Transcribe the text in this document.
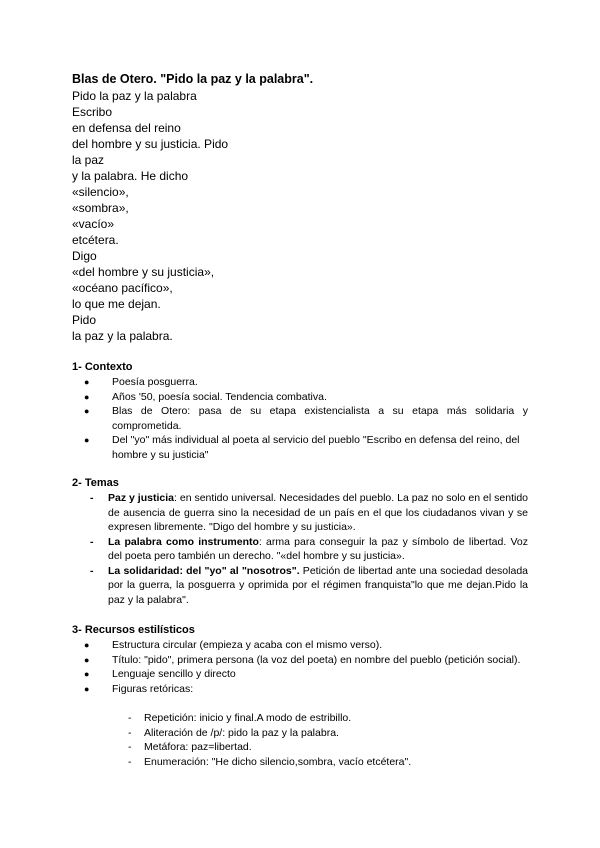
Blas de Otero. "Pido la paz y la palabra".
Pido la paz y la palabra
Escribo
en defensa del reino
del hombre y su justicia. Pido
la paz
y la palabra. He dicho
«silencio»,
«sombra»,
«vacío»
etcétera.
Digo
«del hombre y su justicia»,
«océano pacífico»,
lo que me dejan.
Pido
la paz y la palabra.
1- Contexto
● Poesía posguerra.
● Años '50, poesía social. Tendencia combativa.
● Blas de Otero: pasa de su etapa existencialista a su etapa más solidaria y comprometida.
● Del "yo" más individual al poeta al servicio del pueblo "Escribo en defensa del reino, del hombre y su justicia"
2- Temas
- Paz y justicia: en sentido universal. Necesidades del pueblo. La paz no solo en el sentido de ausencia de guerra sino la necesidad de un país en el que los ciudadanos vivan y se expresen libremente. "Digo del hombre y su justicia».
- La palabra como instrumento: arma para conseguir la paz y símbolo de libertad. Voz del poeta pero también un derecho. "«del hombre y su justicia».
- La solidaridad: del "yo" al "nosotros". Petición de libertad ante una sociedad desolada por la guerra, la posguerra y oprimida por el régimen franquista"lo que me dejan.Pido la paz y la palabra".
3- Recursos estilísticos
● Estructura circular (empieza y acaba con el mismo verso).
● Título: "pido", primera persona (la voz del poeta) en nombre del pueblo (petición social).
● Lenguaje sencillo y directo
● Figuras retóricas:
- Repetición: inicio y final.A modo de estribillo.
- Aliteración de /p/: pido la paz y la palabra.
- Metáfora: paz=libertad.
- Enumeración: "He dicho silencio,sombra, vacío etcétera".
